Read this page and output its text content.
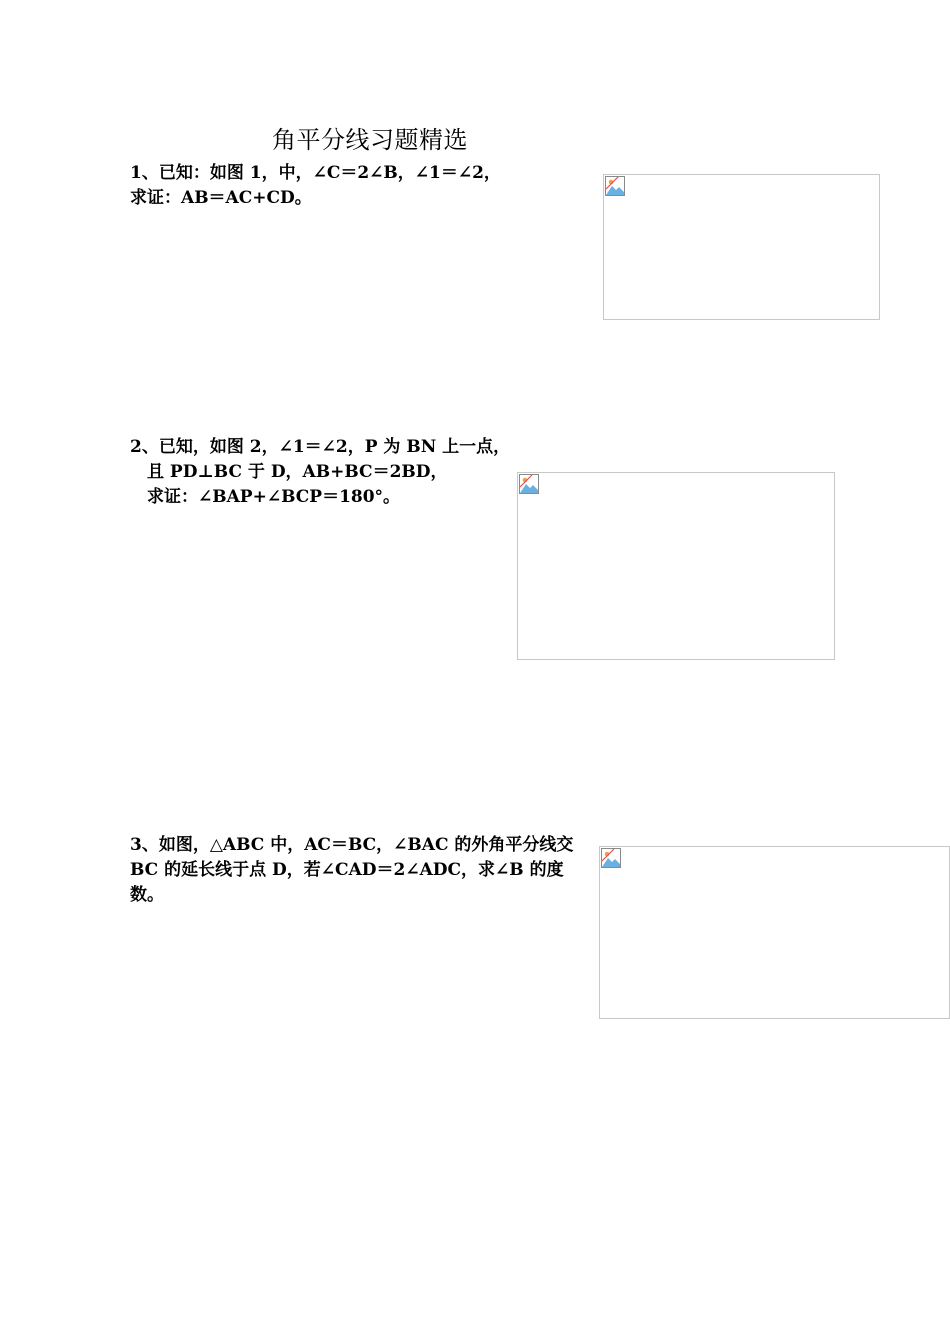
角平分线习题精选
1、已知：如图 1，中，∠C＝2∠B，∠1＝∠2，
求证：AB＝AC+CD。
2、已知，如图 2，∠1＝∠2，P 为 BN 上一点，
且 PD⊥BC 于 D，AB+BC＝2BD，
求证：∠BAP+∠BCP＝180°。
3、如图，△ABC 中，AC＝BC，∠BAC 的外角平分线交
BC 的延长线于点 D，若∠CAD＝2∠ADC，求∠B 的度
数。
